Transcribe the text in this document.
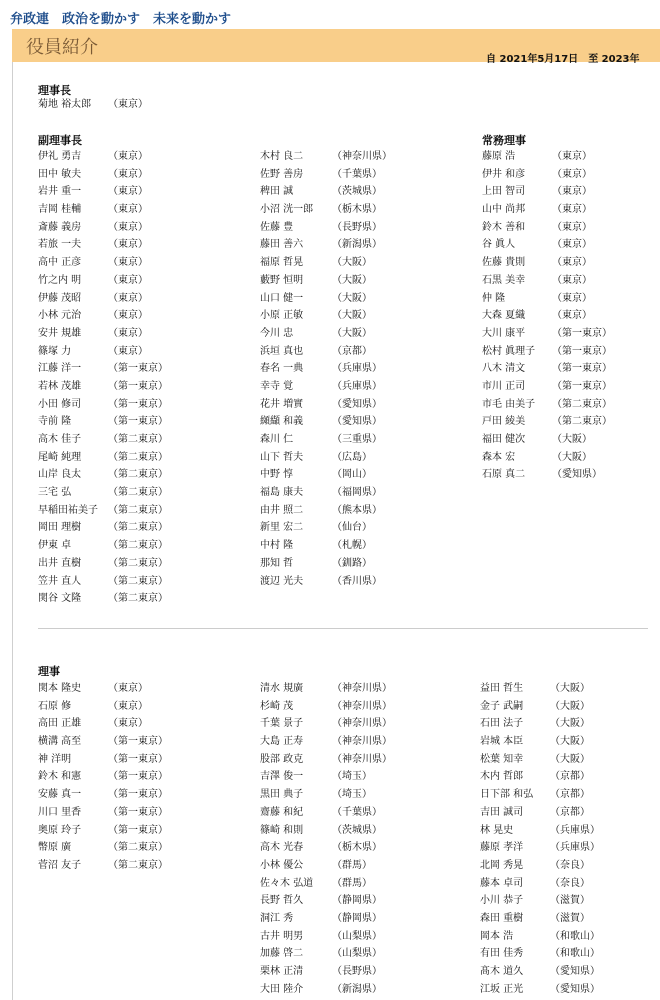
弁政連　政治を動かす　未来を動かす
役員紹介
自 2021年5月17日 至 2023年
理事長
菊地 裕太郎 （東京）
副理事長
伊礼 勇吉	（東京）
田中 敏夫	（東京）
岩井 重一	（東京）
吉岡 桂輔	（東京）
斎藤 義房	（東京）
若旅 一夫	（東京）
高中 正彦	（東京）
竹之内 明	（東京）
伊藤 茂昭	（東京）
小林 元治	（東京）
安井 規雄	（東京）
篠塚 力	（東京）
江藤 洋一	（第一東京）
若林 茂雄	（第一東京）
小田 修司	（第一東京）
寺前 隆	（第一東京）
高木 佳子	（第二東京）
尾崎 純理	（第二東京）
山岸 良太	（第二東京）
三宅 弘	（第二東京）
早稲田祐美子 （第二東京）
岡田 理樹	（第二東京）
伊東 卓	（第二東京）
出井 直樹	（第二東京）
笠井 直人	（第二東京）
関谷 文隆	（第二東京）
木村 良二	（神奈川県）
佐野 善房	（千葉県）
稗田 誠	（茨城県）
小沼 洸一郎 （栃木県）
佐藤 豊	（長野県）
藤田 善六	（新潟県）
福原 哲晃	（大阪）
藪野 恒明	（大阪）
山口 健一	（大阪）
小原 正敏	（大阪）
今川 忠	（大阪）
浜垣 真也	（京都）
春名 一典	（兵庫県）
幸寺 覚	（兵庫県）
花井 増實	（愛知県）
纐纈 和義	（愛知県）
森川 仁	（三重県）
山下 哲夫	（広島）
中野 惇	（岡山）
福島 康夫	（福岡県）
由井 照二	（熊本県）
新里 宏二	（仙台）
中村 隆	（札幌）
那知 哲	（釧路）
渡辺 光夫	（香川県）
常務理事
藤原 浩	（東京）
伊井 和彦	（東京）
上田 智司	（東京）
山中 尚邦	（東京）
鈴木 善和	（東京）
谷 眞人	（東京）
佐藤 貴則	（東京）
石黒 美幸	（東京）
仲 隆	（東京）
大森 夏織	（東京）
大川 康平	（第一東京）
松村 眞理子 （第一東京）
八木 清文	（第一東京）
市川 正司	（第一東京）
市毛 由美子 （第二東京）
戸田 綾美	（第二東京）
福田 健次	（大阪）
森本 宏	（大阪）
石原 真二	（愛知県）
理事
関本 隆史	（東京）
石原 修	（東京）
高田 正雄	（東京）
横溝 高至	（第一東京）
神 洋明	（第一東京）
鈴木 和憲	（第一東京）
安藤 真一	（第一東京）
川口 里香	（第一東京）
奥原 玲子	（第一東京）
幣原 廣	（第二東京）
菅沼 友子	（第二東京）
清水 規廣	（神奈川県）
杉崎 茂	（神奈川県）
千葉 景子	（神奈川県）
大島 正寿	（神奈川県）
股部 政克	（神奈川県）
吉澤 俊一	（埼玉）
黒田 典子	（埼玉）
齋藤 和紀	（千葉県）
篠崎 和則	（茨城県）
高木 光春	（栃木県）
小林 優公	（群馬）
佐々木 弘道 （群馬）
長野 哲久	（静岡県）
洞江 秀	（静岡県）
古井 明男	（山梨県）
加藤 啓二	（山梨県）
栗林 正清	（長野県）
大田 陸介	（新潟県）
益田 哲生	（大阪）
金子 武嗣	（大阪）
石田 法子	（大阪）
岩城 本臣	（大阪）
松葉 知幸	（大阪）
木内 哲郎	（京都）
日下部 和弘 （京都）
吉田 誠司	（京都）
林 晃史	（兵庫県）
藤原 孝洋	（兵庫県）
北岡 秀晃	（奈良）
藤本 卓司	（奈良）
小川 恭子	（滋賀）
森田 重樹	（滋賀）
岡本 浩	（和歌山）
有田 佳秀	（和歌山）
髙木 道久	（愛知県）
江坂 正光	（愛知県）
